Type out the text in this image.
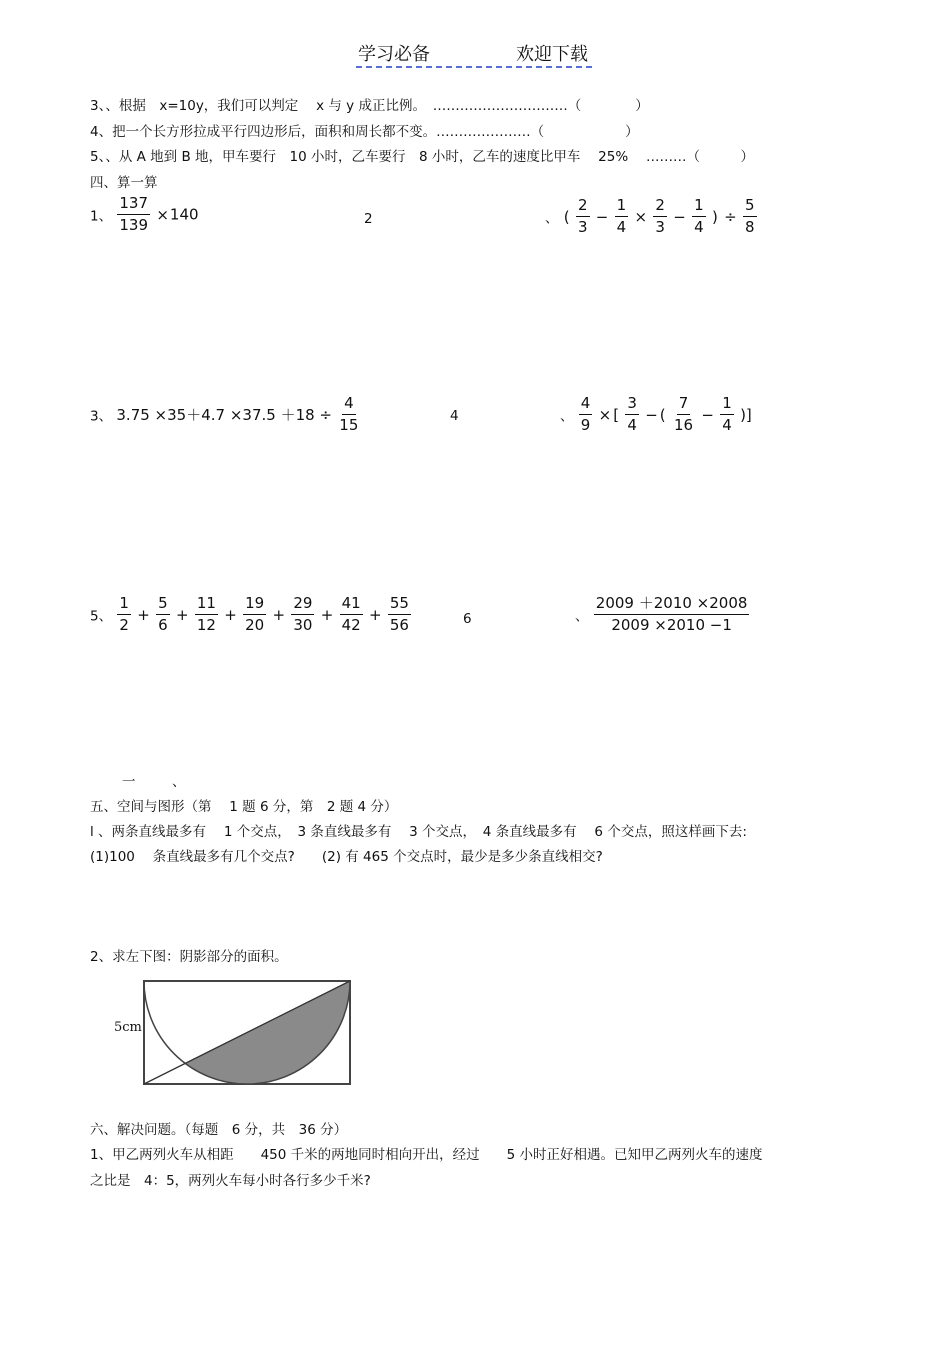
学习必备	欢迎下载
3、、根据　x=10y，我们可以判定　 x 与 y 成正比例。　…………………………（　　　　）
4、把一个长方形拉成平行四边形后，面积和周长都不变。…………………（　　　　　　）
5、、从 A 地到 B 地，甲车要行　10 小时，乙车要行　8 小时，乙车的速度比甲车　 25%　 ………（　　　）
四、算一算
1、 $\frac{137}{139} \times 140$	2	、 ( $\frac{2}{3} - \frac{1}{4} \times \frac{2}{3} - \frac{1}{4}$ ) ÷ $\frac{5}{8}$
3、 $3.75 \times 35+4.7 \times 37.5 +18 \div \frac{4}{15}$	4	、 $\frac{4}{9}$ × [ $\frac{3}{4}$ − ( $\frac{7}{16} - \frac{1}{4}$ )]
5、 $\frac{1}{2} + \frac{5}{6} + \frac{11}{12} + \frac{19}{20} + \frac{29}{30} + \frac{41}{42} + \frac{55}{56}$	6	、 $\frac{2009 +2010 \times 2008}{2009 \times 2010 -1}$
一	、
五、空间与图形（第　 1 题 6 分，第　2 题 4 分）
l 、两条直线最多有　 1 个交点，　3 条直线最多有　 3 个交点，　4 条直线最多有　 6 个交点，照这样画下去:
(1)100　 条直线最多有几个交点?　　(2) 有 465 个交点时，最少是多少条直线相交?
2、求左下图：阴影部分的面积。
5cm
六、解决问题。（每题　6 分，共　36 分）
1、甲乙两列火车从相距　　450 千米的两地同时相向开出，经过　　5 小时正好相遇。已知甲乙两列火车的速度
之比是　4：5，两列火车每小时各行多少千米?
